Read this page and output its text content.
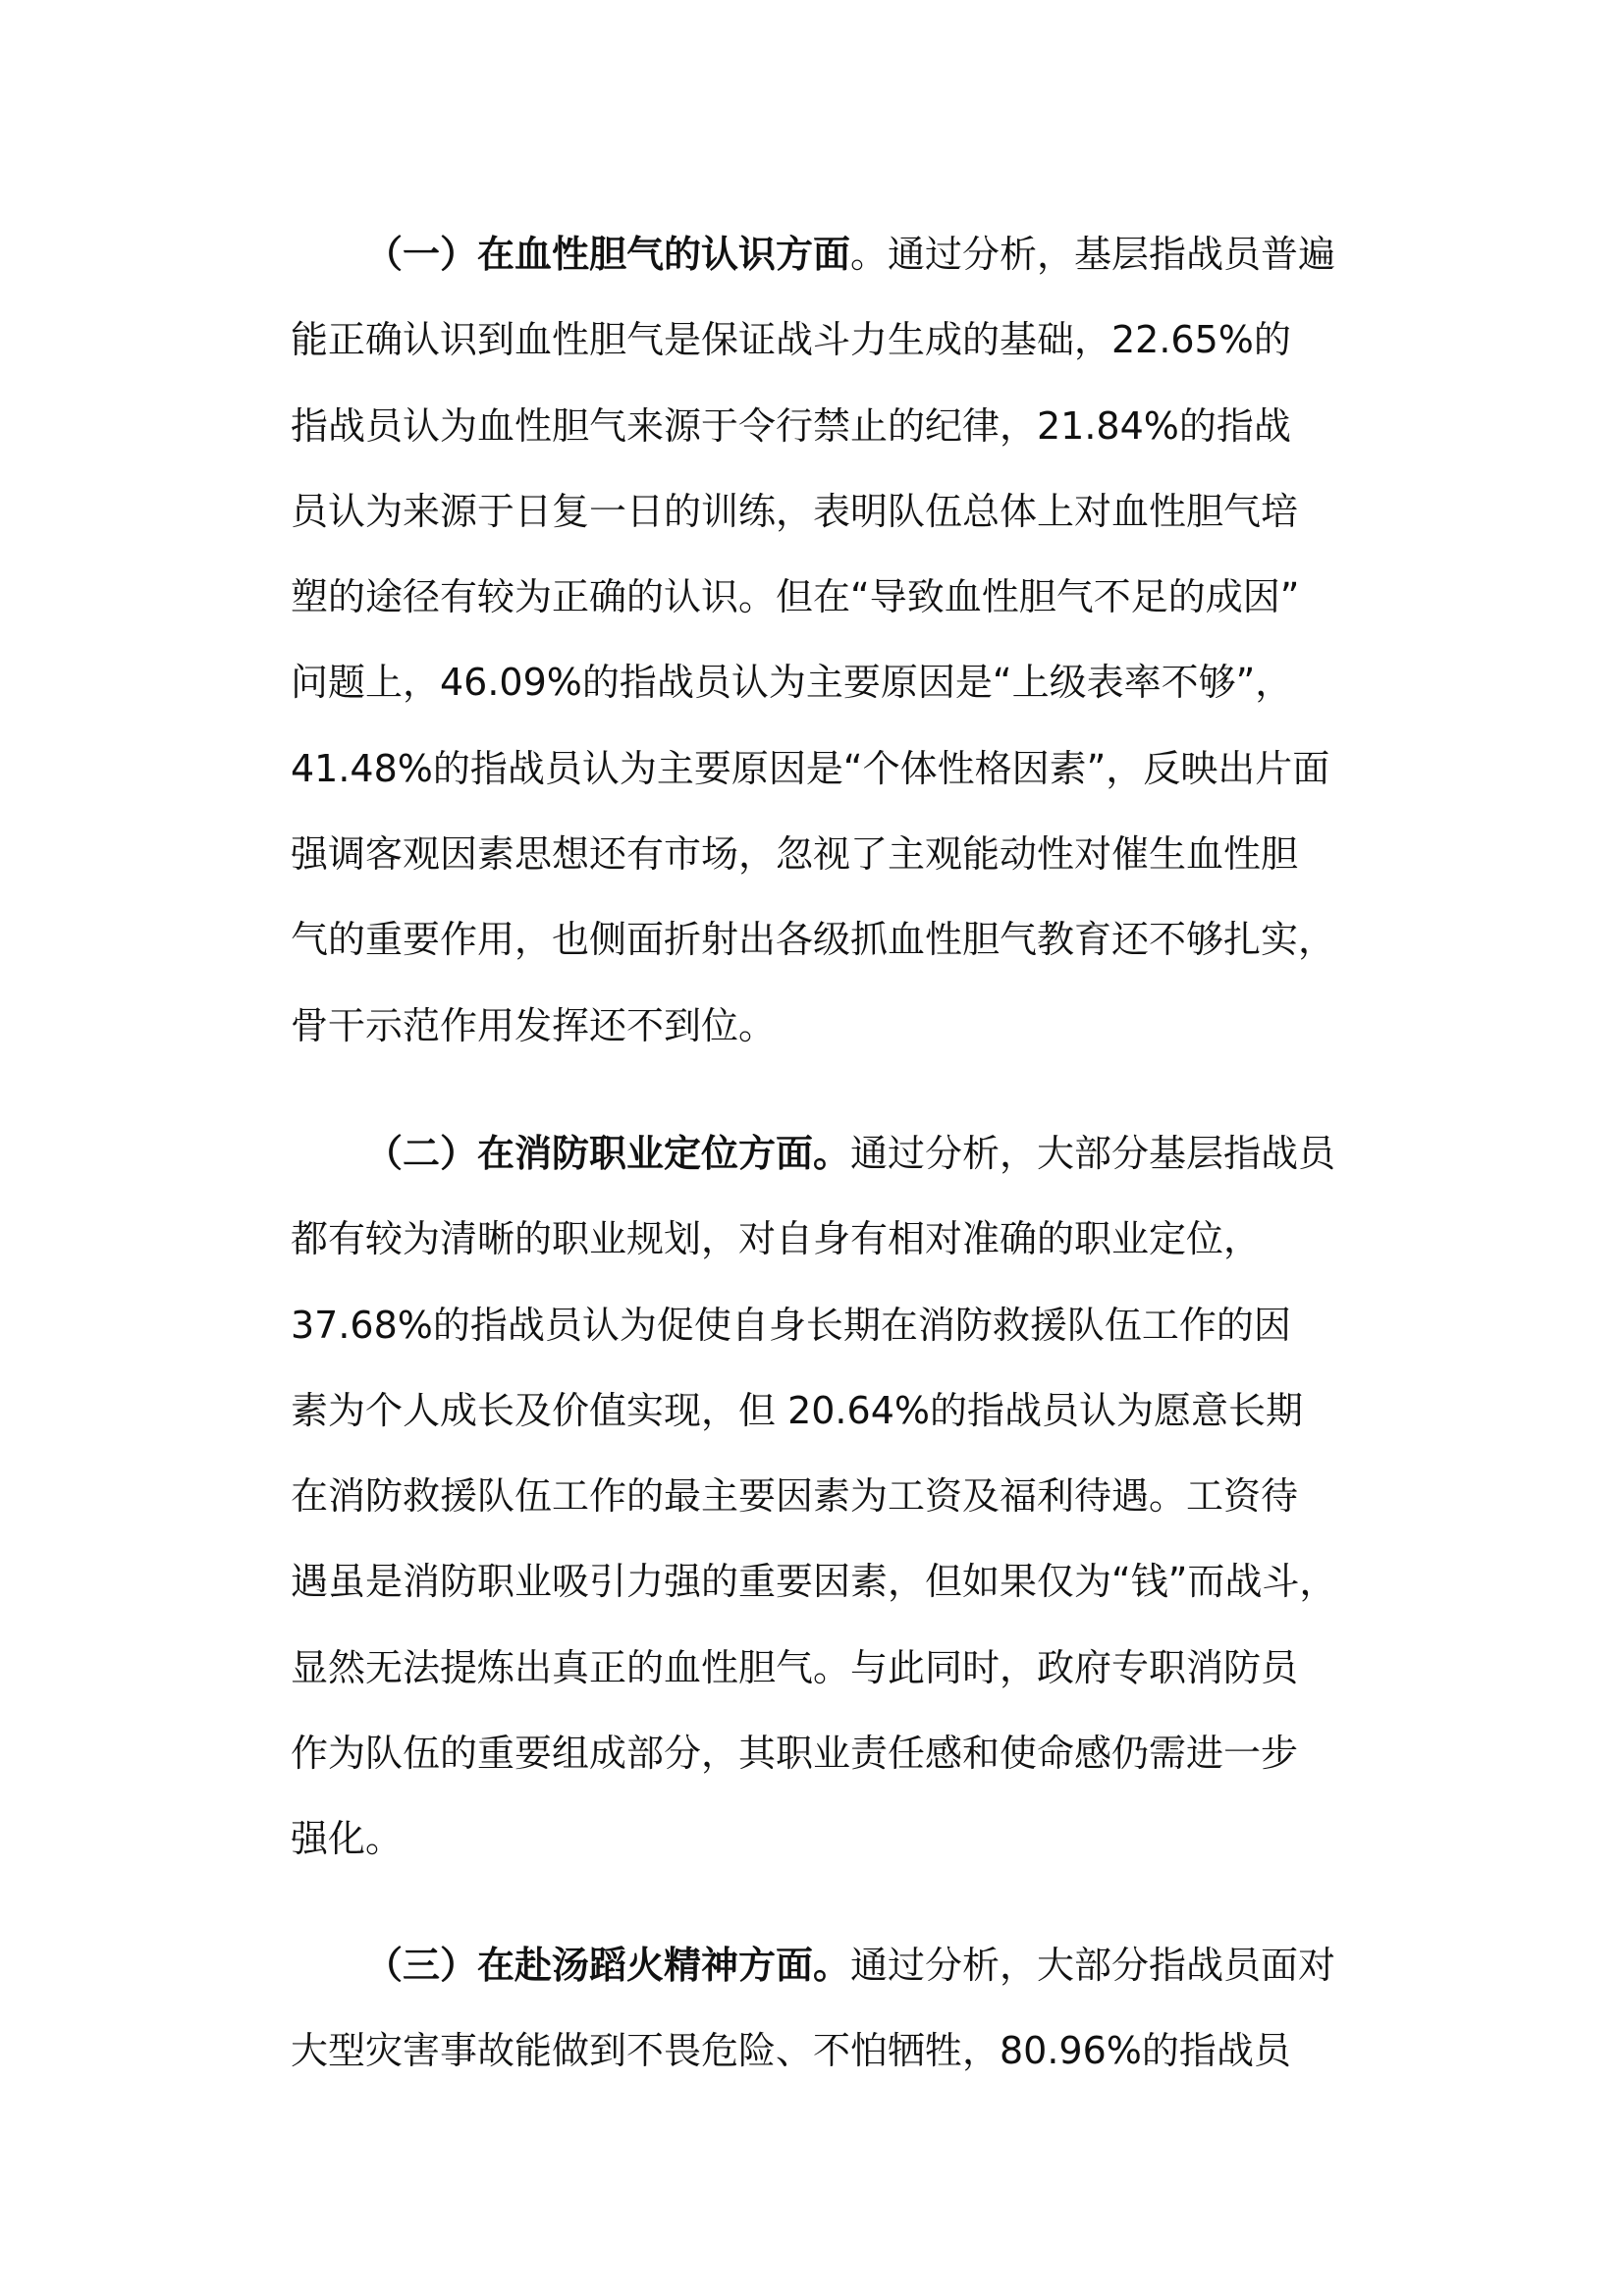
（一）在血性胆气的认识方面。通过分析，基层指战员普遍
能正确认识到血性胆气是保证战斗力生成的基础，22.65%的
指战员认为血性胆气来源于令行禁止的纪律，21.84%的指战
员认为来源于日复一日的训练，表明队伍总体上对血性胆气培
塑的途径有较为正确的认识。但在“导致血性胆气不足的成因”
问题上，46.09%的指战员认为主要原因是“上级表率不够”，
41.48%的指战员认为主要原因是“个体性格因素”，反映出片面
强调客观因素思想还有市场，忽视了主观能动性对催生血性胆
气的重要作用，也侧面折射出各级抓血性胆气教育还不够扎实，
骨干示范作用发挥还不到位。
（二）在消防职业定位方面。通过分析，大部分基层指战员
都有较为清晰的职业规划，对自身有相对准确的职业定位，
37.68%的指战员认为促使自身长期在消防救援队伍工作的因
素为个人成长及价值实现，但 20.64%的指战员认为愿意长期
在消防救援队伍工作的最主要因素为工资及福利待遇。工资待
遇虽是消防职业吸引力强的重要因素，但如果仅为“钱”而战斗，
显然无法提炼出真正的血性胆气。与此同时，政府专职消防员
作为队伍的重要组成部分，其职业责任感和使命感仍需进一步
强化。
（三）在赴汤蹈火精神方面。通过分析，大部分指战员面对
大型灾害事故能做到不畏危险、不怕牺牲，80.96%的指战员
